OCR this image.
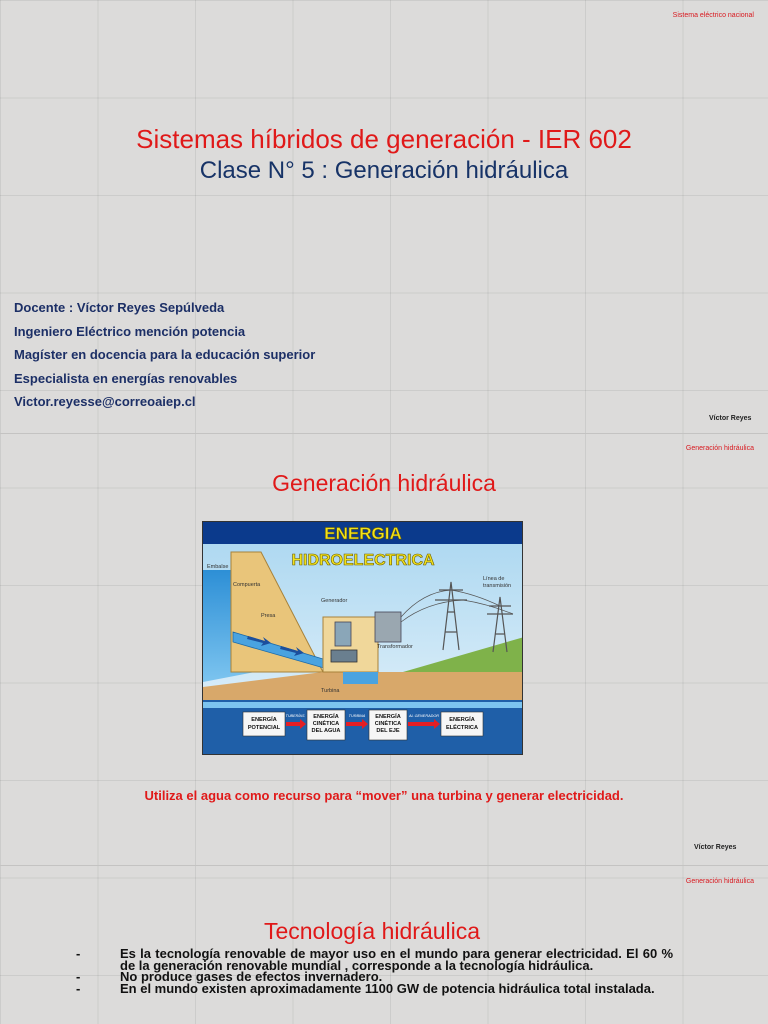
Sistema eléctrico nacional
Sistemas híbridos de generación - IER 602
Clase N° 5 : Generación hidráulica
Docente : Víctor Reyes Sepúlveda
Ingeniero Eléctrico mención potencia
Magíster en docencia para la educación superior
Especialista en energías renovables
Victor.reyesse@correoaiep.cl
Víctor Reyes
Generación hidráulica
Generación hidráulica
ENERGIA
HIDROELECTRICA
Embalse
Compuerta
Presa
Generador
Transformador
Línea de
transmisión
Turbina
ENERGÍA
POTENCIAL
ENERGÍA
CINÉTICA
DEL AGUA
ENERGÍA
CINÉTICA
DEL EJE
ENERGÍA
ELÉCTRICA
TUBERÍAS	TURBINA	AL GENERADOR
Utiliza el agua como recurso para “mover” una turbina y generar electricidad.
Víctor Reyes
Generación hidráulica
Tecnología hidráulica
-	Es la tecnología renovable de mayor uso en el mundo para generar electricidad. El 60 % de la generación renovable mundial , corresponde a la tecnología hidráulica.
-	No produce gases de efectos invernadero.
-	En el mundo existen aproximadamente 1100 GW de potencia hidráulica total instalada.
